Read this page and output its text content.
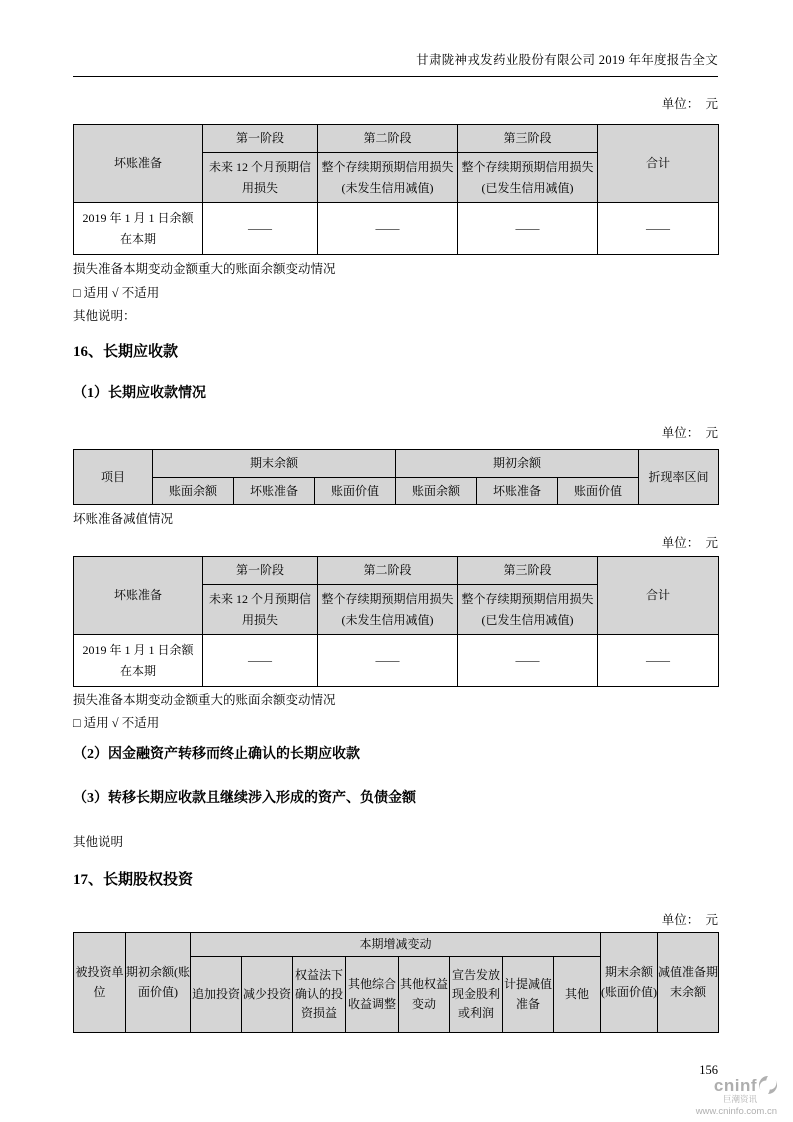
甘肃陇神戎发药业股份有限公司 2019 年年度报告全文
单位：　元
坏账准备	第一阶段	第二阶段	第三阶段	合计

未来 12 个月预期信
用损失

整个存续期预期信用损失
(未发生信用减值)

整个存续期预期信用损失
(已发生信用减值)

2019 年 1 月 1 日余额在本期	——	——	——	——

损失准备本期变动金额重大的账面余额变动情况

□ 适用 √ 不适用

其他说明：

16、长期应收款
（1）长期应收款情况
单位：　元
项目	期末余额			期初余额			折现率区间
	账面余额	坏账准备	账面价值	账面余额	坏账准备	账面价值	

坏账准备减值情况

单位：　元
坏账准备	第一阶段	第二阶段	第三阶段	合计

未来 12 个月预期信
用损失

整个存续期预期信用损失
(未发生信用减值)

整个存续期预期信用损失
(已发生信用减值)

2019 年 1 月 1 日余额在本期	——	——	——	——

损失准备本期变动金额重大的账面余额变动情况

□ 适用 √ 不适用

（2）因金融资产转移而终止确认的长期应收款
（3）转移长期应收款且继续涉入形成的资产、负债金额

其他说明

17、长期股权投资
单位：　元
被投资单位	期初余额(账面价值)	本期增减变动								期末余额(账面价值)	减值准备期末余额
		追加投资	减少投资	权益法下确认的投资损益	其他综合收益调整	其他权益变动	宣告发放现金股利或利润	计提减值准备	其他		
156
cninf
巨潮资讯
www.cninfo.com.cn
